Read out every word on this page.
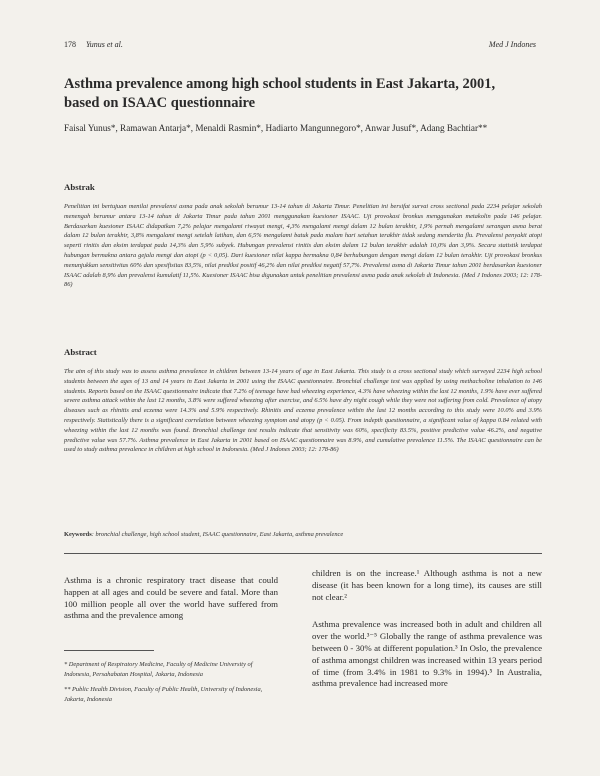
178 Yunus et al.	Med J Indones
Asthma prevalence among high school students in East Jakarta, 2001, based on ISAAC questionnaire
Faisal Yunus*, Ramawan Antarja*, Menaldi Rasmin*, Hadiarto Mangunnegoro*, Anwar Jusuf*, Adang Bachtiar**
Abstrak

Penelitian ini bertujuan menilai prevalensi asma pada anak sekolah berumur 13-14 tahun di Jakarta Timur. Penelitian ini bersifat survai cross sectional pada 2234 pelajar sekolah menengah berumur antara 13-14 tahun di Jakarta Timur pada tahun 2001 menggunakan kuesioner ISAAC. Uji provokasi bronkus menggunakan metakolin pada 146 pelajar. Berdasarkan kuesioner ISAAC didapatkan 7,2% pelajar mengalami riwayat mengi, 4,3% mengalami mengi dalam 12 bulan terakhir, 1,9% pernah mengalami serangan asma berat dalam 12 bulan terakhir, 3,8% mengalami mengi setelah latihan, dan 6,5% mengalami batuk pada malam hari setahun terakhir tidak sedang menderita flu. Prevalensi penyakit atopi seperti rinitis dan eksim terdapat pada 14,3% dan 5,9% subyek. Hubungan prevalensi rinitis dan eksim dalam 12 bulan terakhir adalah 10,0% dan 3,9%. Secara statistik terdapat hubungan bermakna antara gejala mengi dan atopi (p < 0,05). Dari kuesioner nilai kappa bermakna 0,84 berhubungan dengan mengi dalam 12 bulan terakhir. Uji provokasi bronkus menunjukkan sensitivitas 60% dan spesifisitas 83,5%, nilai prediksi positif 46,2% dan nilai prediksi negatif 57,7%. Prevalensi asma di Jakarta Timur tahun 2001 berdasarkan kuesioner ISAAC adalah 8,9% dan prevalensi kumulatif 11,5%. Kuesioner ISAAC bisa digunakan untuk penelitian prevalensi asma pada anak sekolah di Indonesia. (Med J Indones 2003; 12: 178-86)

Abstract

The aim of this study was to assess asthma prevalence in children between 13-14 years of age in East Jakarta. This study is a cross sectional study which surveyed 2234 high school students between the ages of 13 and 14 years in East Jakarta in 2001 using the ISAAC questionnaire. Bronchial challenge test was applied by using methacholine inhalation to 146 students. Reports based on the ISAAC questionnaire indicate that 7.2% of teenage have had wheezing experience, 4.3% have wheezing within the last 12 months, 1.9% have ever suffered severe asthma attack within the last 12 months, 3.8% were suffered wheezing after exercise, and 6.5% have dry night cough while they were not suffering from cold. Prevalence of atopy diseases such as rhinitis and eczema were 14.3% and 5.9% respectively. Rhinitis and eczema prevalence within the last 12 months according to this study were 10.0% and 3.9% respectively. Statistically there is a significant correlation between wheezing symptom and atopy (p < 0.05). From indepth questionnaire, a significant value of kappa 0.84 related with wheezing within the last 12 months was found. Bronchial challenge test results indicate that sensitivity was 60%, specificity 83.5%, positive predictive value 46.2%, and negative predictive value was 57.7%. Asthma prevalence in East Jakarta in 2001 based on ISAAC questionnaire was 8.9%, and cumulative prevalence 11.5%. The ISAAC questionnaire can be used to study asthma prevalence in children at high school in Indonesia. (Med J Indones 2003; 12: 178-86)

Keywords: bronchial challenge, high school student, ISAAC questionnaire, East Jakarta, asthma prevalence

Asthma is a chronic respiratory tract disease that could happen at all ages and could be severe and fatal. More than 100 million people all over the world have suffered from asthma and the prevalence among

children is on the increase.¹ Although asthma is not a new disease (it has been known for a long time), its causes are still not clear.²

Asthma prevalence was increased both in adult and children all over the world.³⁻⁵ Globally the range of asthma prevalence was between 0 - 30% at different population.³ In Oslo, the prevalence of asthma amongst children was increased within 13 years period of time (from 3.4% in 1981 to 9.3% in 1994).⁵ In Australia, asthma prevalence had increased more

* Department of Respiratory Medicine, Faculty of Medicine University of Indonesia, Persahabatan Hospital, Jakarta, Indonesia

** Public Health Division, Faculty of Public Health, University of Indonesia, Jakarta, Indonesia
